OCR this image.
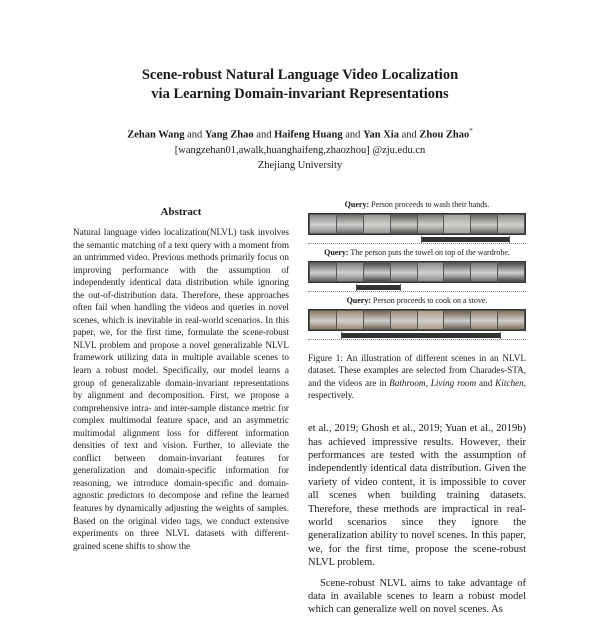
Scene-robust Natural Language Video Localization
via Learning Domain-invariant Representations
Zehan Wang and Yang Zhao and Haifeng Huang and Yan Xia and Zhou Zhao*
[wangzehan01,awalk,huanghaifeng,zhaozhou] @zju.edu.cn
Zhejiang University
Abstract
Natural language video localization(NLVL) task involves the semantic matching of a text query with a moment from an untrimmed video. Previous methods primarily focus on improving performance with the assumption of independently identical data distribution while ignoring the out-of-distribution data. Therefore, these approaches often fail when handling the videos and queries in novel scenes, which is inevitable in real-world scenarios. In this paper, we, for the first time, formulate the scene-robust NLVL problem and propose a novel generalizable NLVL framework utilizing data in multiple available scenes to learn a robust model. Specifically, our model learns a group of generalizable domain-invariant representations by alignment and decomposition. First, we propose a comprehensive intra- and inter-sample distance metric for complex multimodal feature space, and an asymmetric multimodal alignment loss for different information densities of text and vision. Further, to alleviate the conflict between domain-invariant features for generalization and domain-specific information for reasoning, we introduce domain-specific and domain-agnostic predictors to decompose and refine the learned features by dynamically adjusting the weights of samples. Based on the original video tags, we conduct extensive experiments on three NLVL datasets with different-grained scene shifts to show the
Query: Person proceeds to wash their hands.
Query: The person puts the towel on top of the wardrobe.
Query: Person proceeds to cook on a stove.
Figure 1: An illustration of different scenes in an NLVL dataset. These examples are selected from Charades-STA, and the videos are in Bathroom, Living room and Kitchen, respectively.

et al., 2019; Ghosh et al., 2019; Yuan et al., 2019b) has achieved impressive results. However, their performances are tested with the assumption of independently identical data distribution. Given the variety of video content, it is impossible to cover all scenes when building training datasets. Therefore, these methods are impractical in real-world scenarios since they ignore the generalization ability to novel scenes. In this paper, we, for the first time, propose the scene-robust NLVL problem.

Scene-robust NLVL aims to take advantage of data in available scenes to learn a robust model which can generalize well on novel scenes. As
